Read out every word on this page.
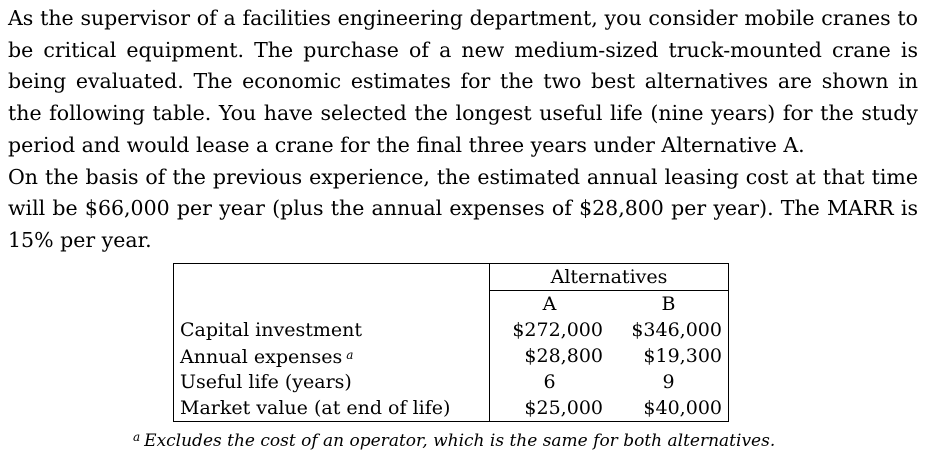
As the supervisor of a facilities engineering department, you consider mobile cranes to be critical equipment. The purchase of a new medium-sized truck-mounted crane is being evaluated. The economic estimates for the two best alternatives are shown in the following table. You have selected the longest useful life (nine years) for the study period and would lease a crane for the final three years under Alternative A.

On the basis of the previous experience, the estimated annual leasing cost at that time will be $66,000 per year (plus the annual expenses of $28,800 per year). The MARR is 15% per year.

	Alternatives	
	A	B
Capital investment	$272,000	$346,000
Annual expenses $^a$	$28,800	$19,300
Useful life (years)	6	9
Market value (at end of life)	$25,000	$40,000
$^a$ Excludes the cost of an operator, which is the same for both alternatives.
